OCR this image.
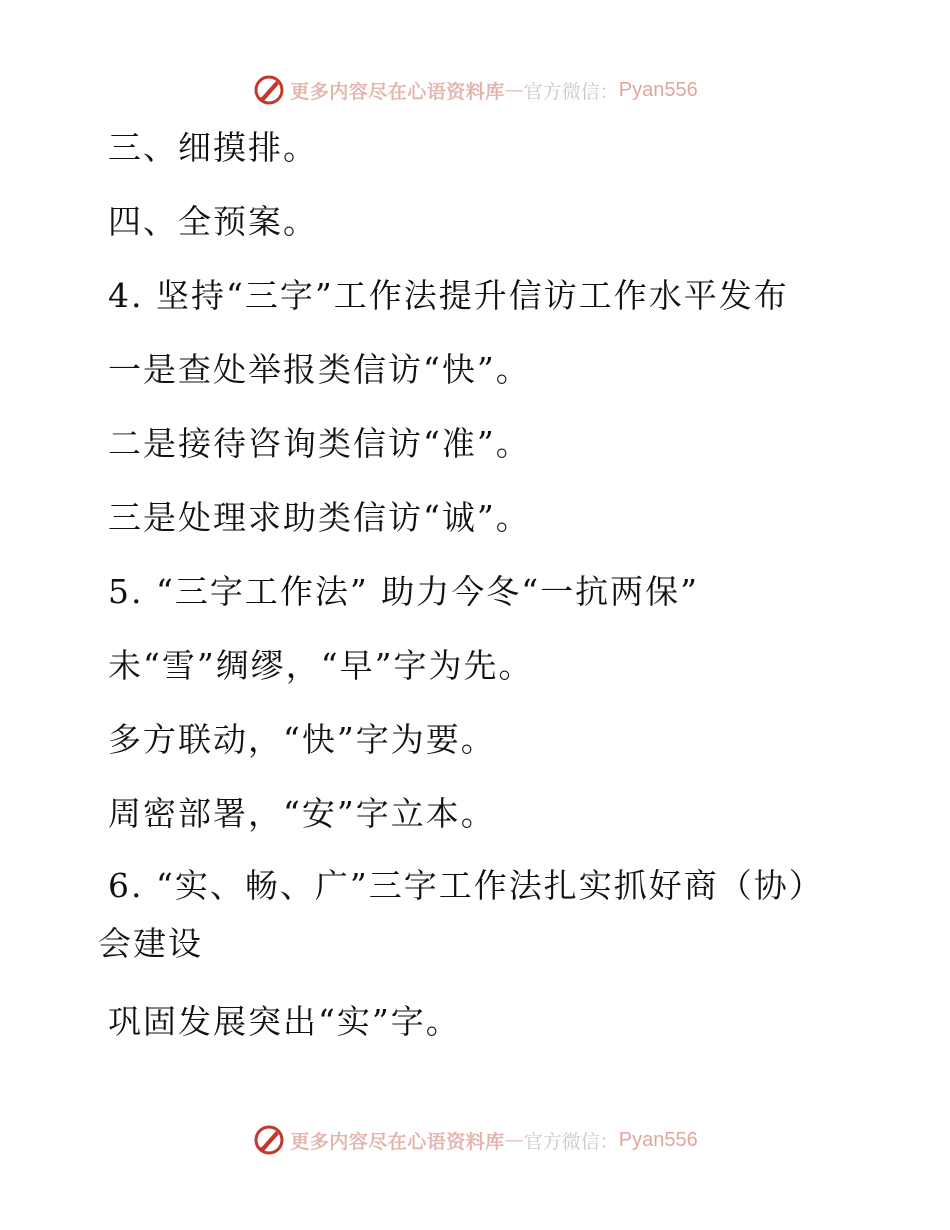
更多内容尽在心语资料库 — 官方微信： Pyan556
三、细摸排。
四、全预案。
4. 坚持“三字”工作法提升信访工作水平发布
一是查处举报类信访“快”。
二是接待咨询类信访“准”。
三是处理求助类信访“诚”。
5. “三字工作法” 助力今冬“一抗两保”
未“雪”绸缪，“早”字为先。
多方联动，“快”字为要。
周密部署，“安”字立本。
6. “实、畅、广”三字工作法扎实抓好商（协）
会建设
巩固发展突出“实”字。
更多内容尽在心语资料库 — 官方微信： Pyan556
